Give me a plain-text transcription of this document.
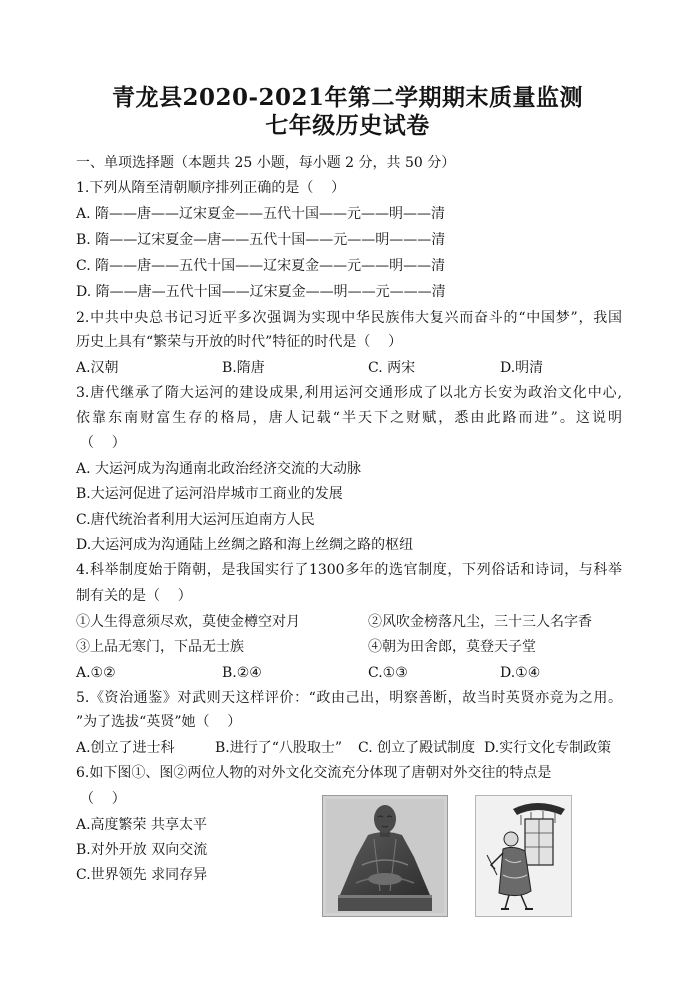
青龙县2020-2021年第二学期期末质量监测
七年级历史试卷
一、单项选择题（本题共 25 小题，每小题 2 分，共 50 分）
1.下列从隋至清朝顺序排列正确的是（    ）
A. 隋——唐——辽宋夏金——五代十国——元——明——清
B. 隋——辽宋夏金—唐——五代十国——元——明———清
C. 隋——唐——五代十国——辽宋夏金——元——明——清
D. 隋——唐—五代十国——辽宋夏金——明——元———清
2.中共中央总书记习近平多次强调为实现中华民族伟大复兴而奋斗的“中国梦”，我国
历史上具有“繁荣与开放的时代”特征的时代是（    ）
A.汉朝	B.隋唐	C. 两宋	D.明清
3.唐代继承了隋大运河的建设成果,利用运河交通形成了以北方长安为政治文化中心,
依靠东南财富生存的格局，唐人记载“半天下之财赋，悉由此路而进”。这说明
（    ）
A. 大运河成为沟通南北政治经济交流的大动脉
B.大运河促进了运河沿岸城市工商业的发展
C.唐代统治者利用大运河压迫南方人民
D.大运河成为沟通陆上丝绸之路和海上丝绸之路的枢纽
4.科举制度始于隋朝，是我国实行了1300多年的选官制度，下列俗话和诗词，与科举
制有关的是（    ）
①人生得意须尽欢，莫使金樽空对月	②风吹金榜落凡尘，三十三人名字香
③上品无寒门，下品无士族	④朝为田舍郎，莫登天子堂
A.①②	B.②④	C.①③	D.①④
5.《资治通鉴》对武则天这样评价：“政由己出，明察善断，故当时英贤亦竞为之用。
”为了选拔“英贤”她（    ）
A.创立了进士科	B.进行了“八股取士” C. 创立了殿试制度 D.实行文化专制政策
6.如下图①、图②两位人物的对外文化交流充分体现了唐朝对外交往的特点是
（    ）
A.高度繁荣 共享太平
B.对外开放 双向交流
C.世界领先 求同存异
